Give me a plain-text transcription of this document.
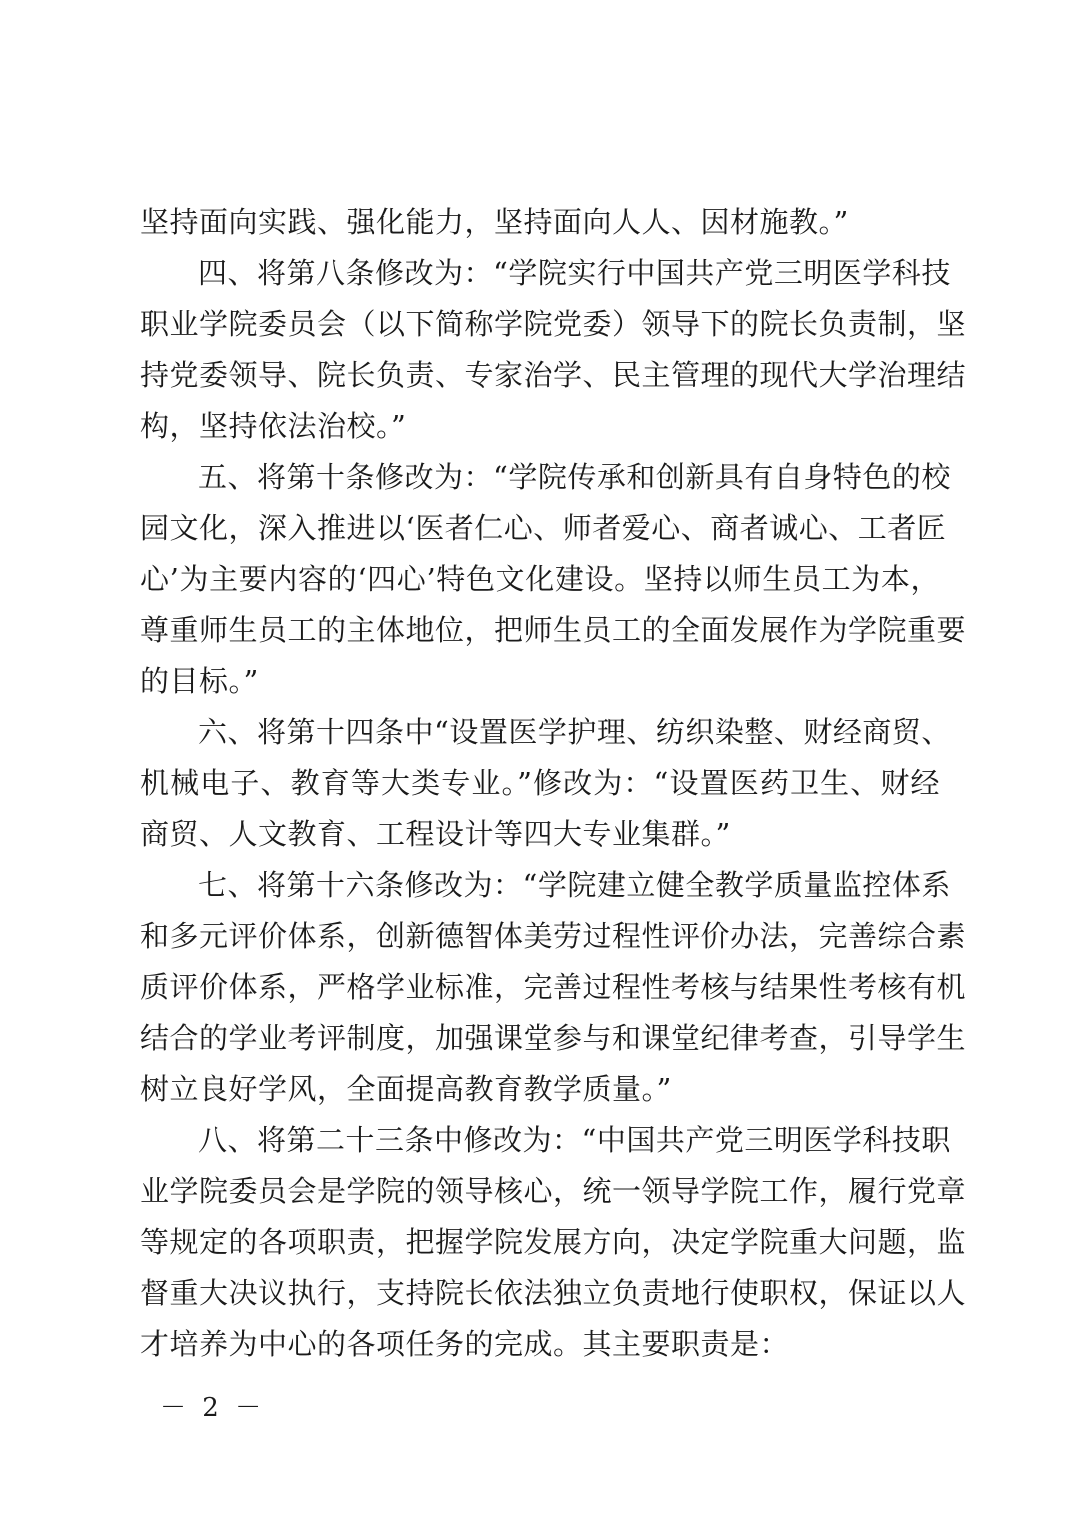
坚持面向实践、强化能力，坚持面向人人、因材施教。”
四、将第八条修改为：“学院实行中国共产党三明医学科技
职业学院委员会（以下简称学院党委）领导下的院长负责制，坚
持党委领导、院长负责、专家治学、民主管理的现代大学治理结
构，坚持依法治校。”
五、将第十条修改为：“学院传承和创新具有自身特色的校
园文化，深入推进以‘医者仁心、师者爱心、商者诚心、工者匠
心’为主要内容的‘四心’特色文化建设。坚持以师生员工为本，
尊重师生员工的主体地位，把师生员工的全面发展作为学院重要
的目标。”
六、将第十四条中“设置医学护理、纺织染整、财经商贸、
机械电子、教育等大类专业。”修改为：“设置医药卫生、财经
商贸、人文教育、工程设计等四大专业集群。”
七、将第十六条修改为：“学院建立健全教学质量监控体系
和多元评价体系，创新德智体美劳过程性评价办法，完善综合素
质评价体系，严格学业标准，完善过程性考核与结果性考核有机
结合的学业考评制度，加强课堂参与和课堂纪律考查，引导学生
树立良好学风，全面提高教育教学质量。”
八、将第二十三条中修改为：“中国共产党三明医学科技职
业学院委员会是学院的领导核心，统一领导学院工作，履行党章
等规定的各项职责，把握学院发展方向，决定学院重大问题，监
督重大决议执行，支持院长依法独立负责地行使职权，保证以人
才培养为中心的各项任务的完成。其主要职责是：
－ 2 －
